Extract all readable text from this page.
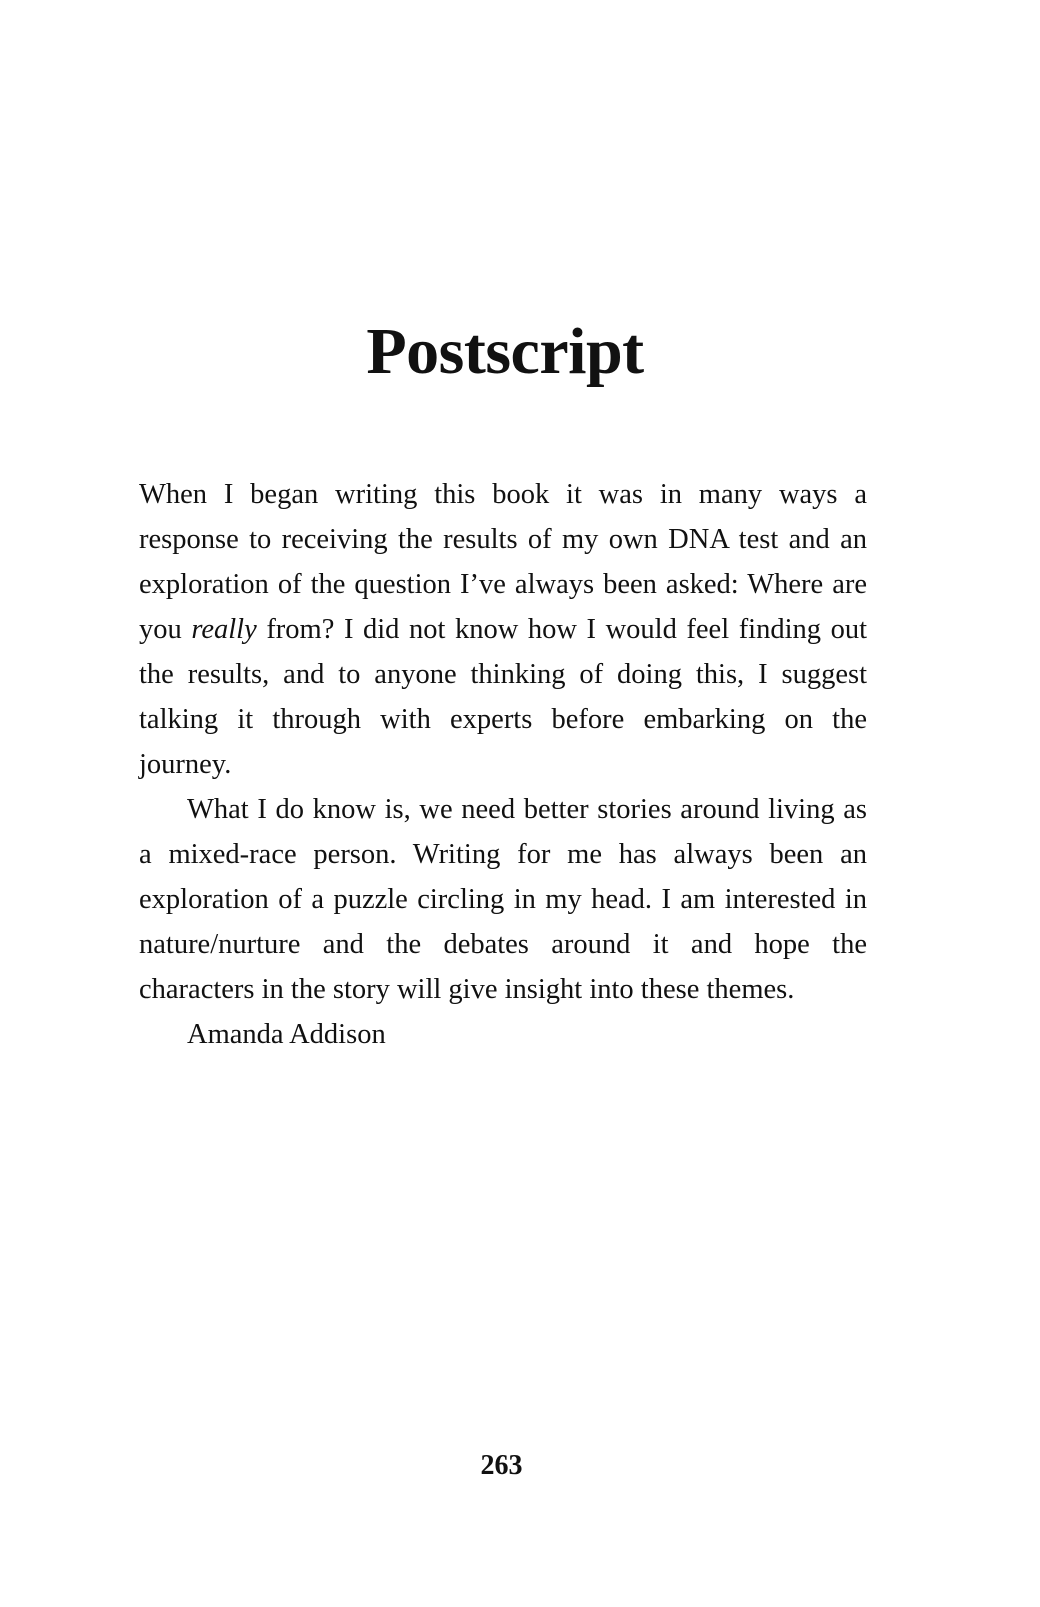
Postscript

When I began writing this book it was in many ways a response to receiving the results of my own DNA test and an exploration of the question I’ve always been asked: Where are you really from? I did not know how I would feel finding out the results, and to anyone thinking of doing this, I suggest talking it through with experts before embarking on the journey.

What I do know is, we need better stories around living as a mixed-race person. Writing for me has always been an exploration of a puzzle circling in my head. I am interested in nature/nurture and the debates around it and hope the characters in the story will give insight into these themes.

Amanda Addison

263
